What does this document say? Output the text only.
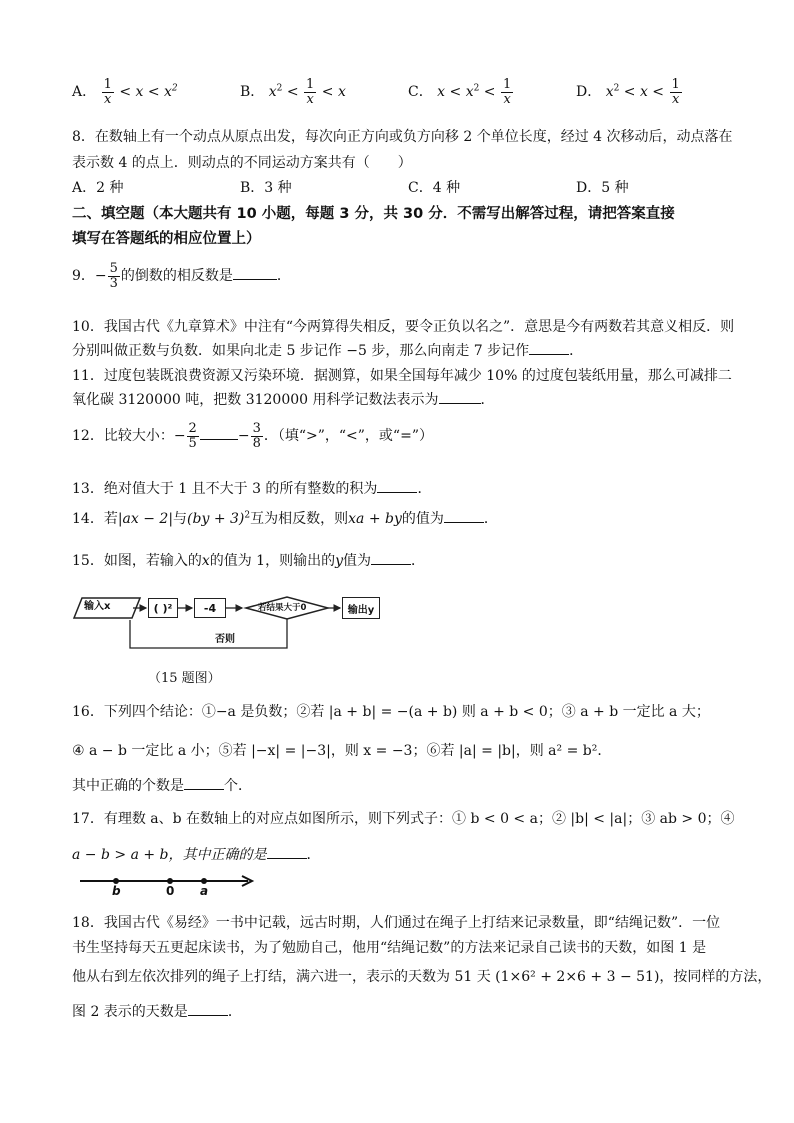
A． $\frac{1}{x} < x < x^2$	B． $x^2 < \frac{1}{x} < x$	C． $x < x^2 < \frac{1}{x}$	D． $x^2 < x < \frac{1}{x}$
8．在数轴上有一个动点从原点出发，每次向正方向或负方向移 2 个单位长度，经过 4 次移动后，动点落在
表示数 4 的点上．则动点的不同运动方案共有（　　）
A．2 种	B．3 种	C．4 种	D．5 种
二、填空题（本大题共有 10 小题，每题 3 分，共 30 分．不需写出解答过程，请把答案直接
填写在答题纸的相应位置上）
9．− $\frac{5}{3}$ 的倒数的相反数是	．
10．我国古代《九章算术》中注有“今两算得失相反，要令正负以名之”．意思是今有两数若其意义相反．则
分别叫做正数与负数．如果向北走 5 步记作 −5 步，那么向南走 7 步记作	．
11．过度包装既浪费资源又污染环境．据测算，如果全国每年减少 10% 的过度包装纸用量，那么可减排二
氧化碳 3120000 吨，把数 3120000 用科学记数法表示为	．
12．比较大小：− $\frac{2}{5}$	− $\frac{3}{8}$ ．（填“>”，“<”，或“=”）
13．绝对值大于 1 且不大于 3 的所有整数的积为	．
14．若|ax − 2|与(by + 3)$^2$互为相反数，则xa + by的值为	．
15．如图，若输入的x的值为 1，则输出的y值为	．
输入x	( )²	-4	若结果大于0	输出y
否则
（15 题图）
16．下列四个结论：①−a 是负数；②若 |a + b| = −(a + b) 则 a + b < 0；③ a + b 一定比 a 大；
④ a − b 一定比 a 小；⑤若 |−x| = |−3|，则 x = −3；⑥若 |a| = |b|，则 a² = b²．
其中正确的个数是	个．
17．有理数 a、b 在数轴上的对应点如图所示，则下列式子：① b < 0 < a；② |b| < |a|；③ ab > 0；④
a − b > a + b，其中正确的是	．
b	0 a
18．我国古代《易经》一书中记载，远古时期，人们通过在绳子上打结来记录数量，即“结绳记数”．一位
书生坚持每天五更起床读书，为了勉励自己，他用“结绳记数”的方法来记录自己读书的天数，如图 1 是
他从右到左依次排列的绳子上打结，满六进一，表示的天数为 51 天 (1×6² + 2×6 + 3 − 51)，按同样的方法，
图 2 表示的天数是	．
